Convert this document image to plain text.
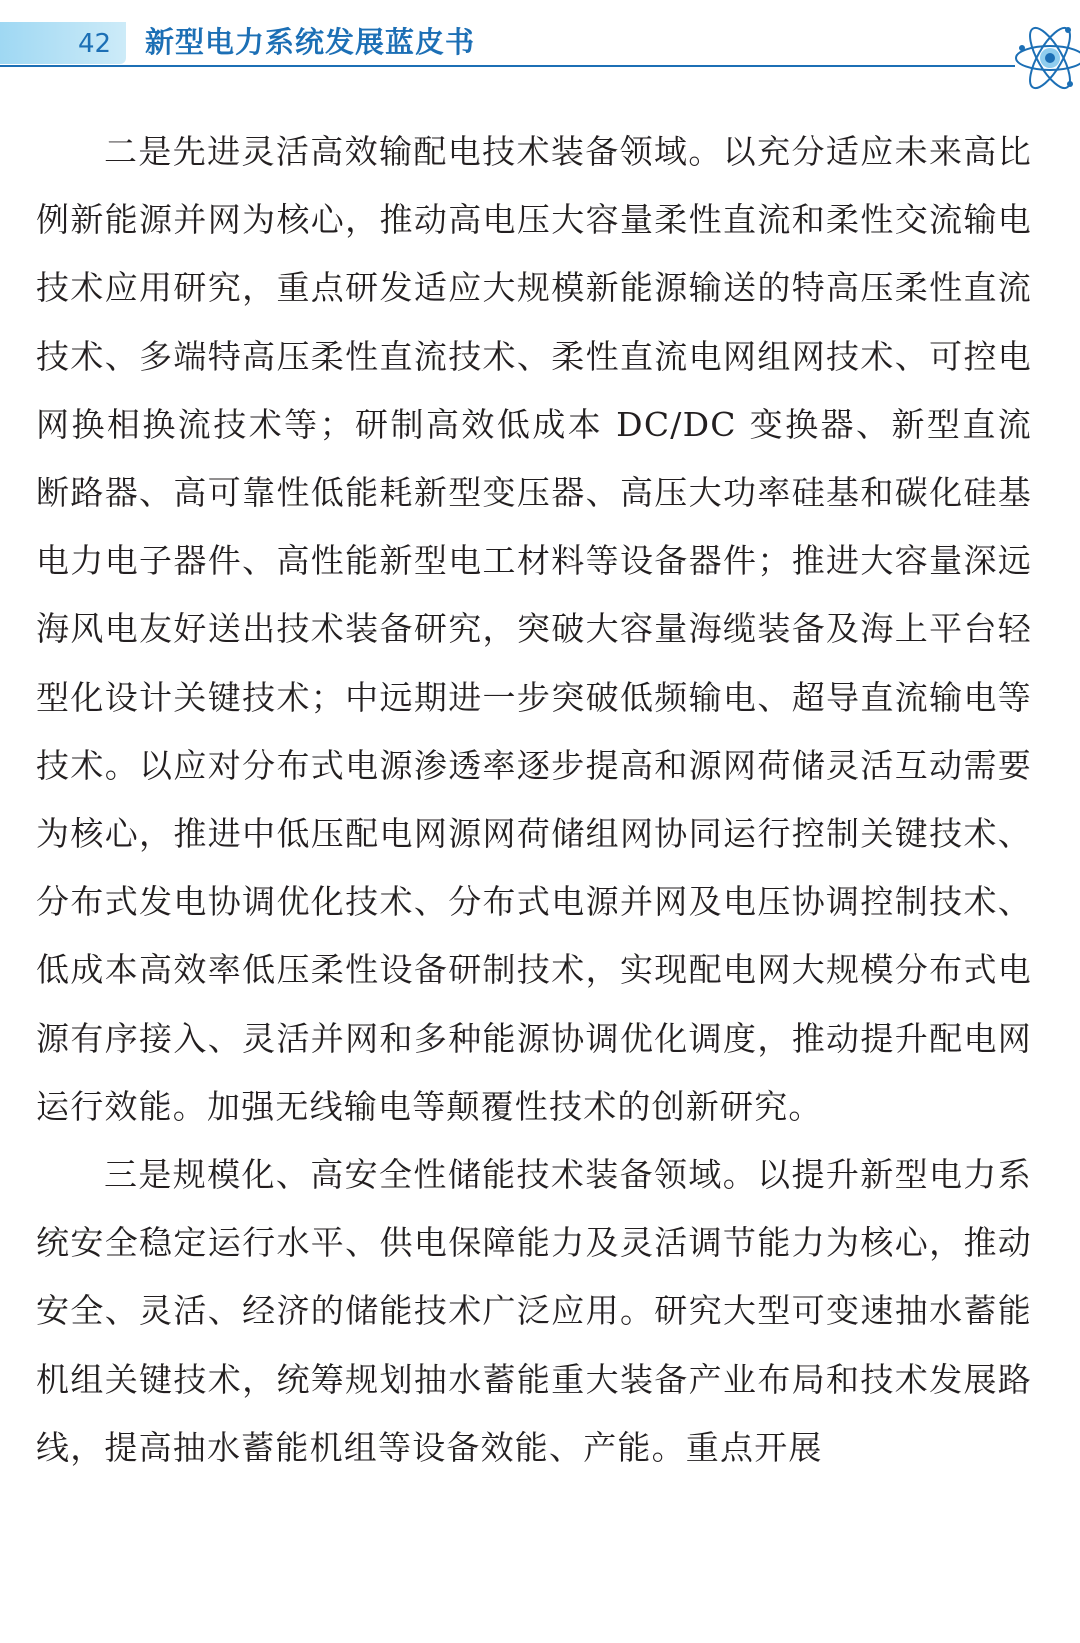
42 新型电力系统发展蓝皮书

二是先进灵活高效输配电技术装备领域。以充分适应未来高比例新能源并网为核心，推动高电压大容量柔性直流和柔性交流输电技术应用研究，重点研发适应大规模新能源输送的特高压柔性直流技术、多端特高压柔性直流技术、柔性直流电网组网技术、可控电网换相换流技术等；研制高效低成本 DC/DC 变换器、新型直流断路器、高可靠性低能耗新型变压器、高压大功率硅基和碳化硅基电力电子器件、高性能新型电工材料等设备器件；推进大容量深远海风电友好送出技术装备研究，突破大容量海缆装备及海上平台轻型化设计关键技术；中远期进一步突破低频输电、超导直流输电等技术。以应对分布式电源渗透率逐步提高和源网荷储灵活互动需要为核心，推进中低压配电网源网荷储组网协同运行控制关键技术、分布式发电协调优化技术、分布式电源并网及电压协调控制技术、低成本高效率低压柔性设备研制技术，实现配电网大规模分布式电源有序接入、灵活并网和多种能源协调优化调度，推动提升配电网运行效能。加强无线输电等颠覆性技术的创新研究。

三是规模化、高安全性储能技术装备领域。以提升新型电力系统安全稳定运行水平、供电保障能力及灵活调节能力为核心，推动安全、灵活、经济的储能技术广泛应用。研究大型可变速抽水蓄能机组关键技术，统筹规划抽水蓄能重大装备产业布局和技术发展路线，提高抽水蓄能机组等设备效能、产能。重点开展
